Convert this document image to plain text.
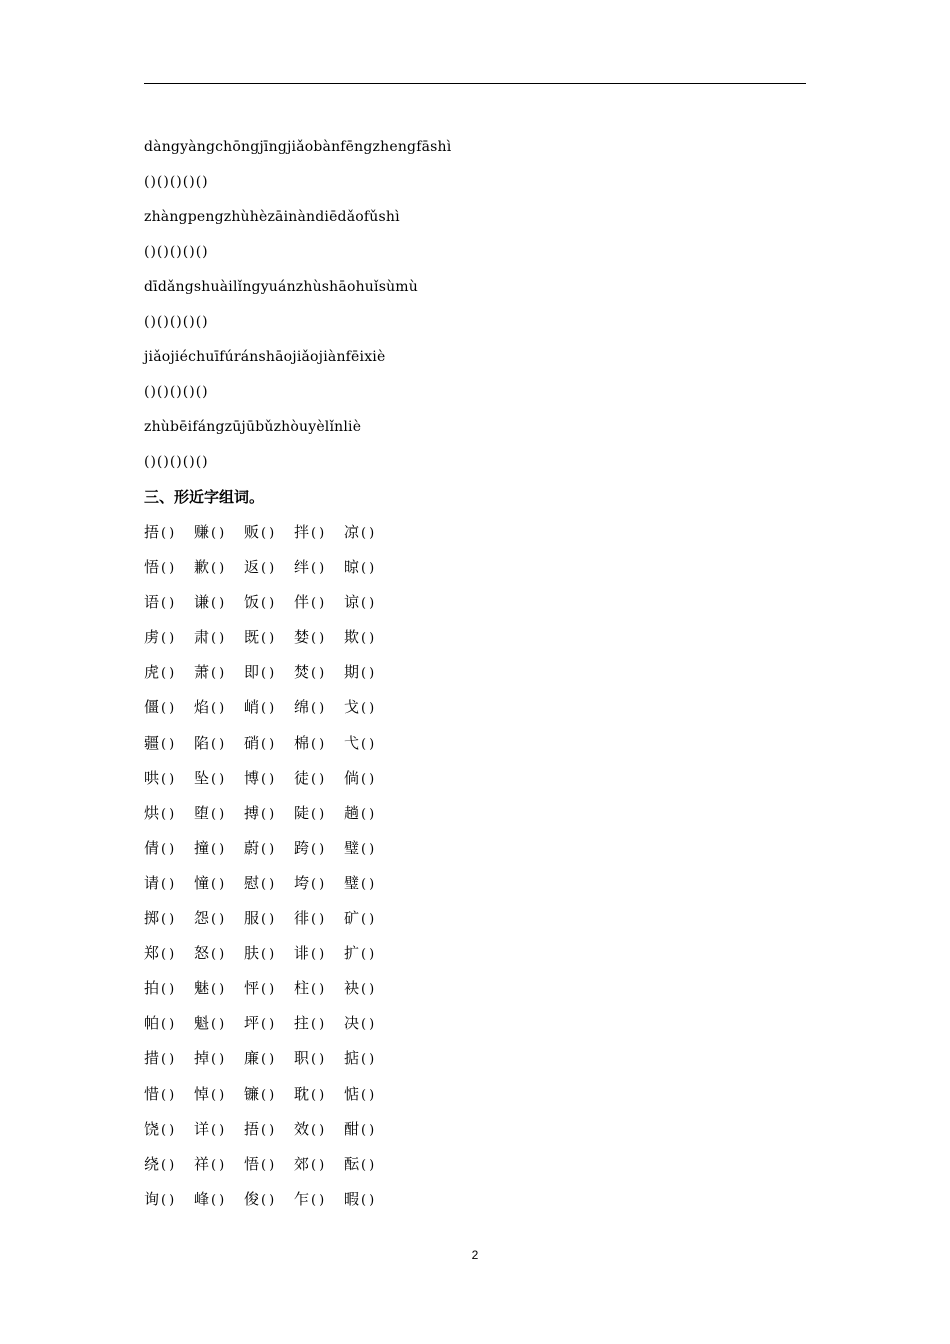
dàngyàngchōngjīngjiǎobànfēngzhengfāshì
()()()()()
zhàngpengzhùhèzāinàndiēdǎofǔshì
()()()()()
dīdǎngshuàilǐngyuánzhùshāohuǐsùmù
()()()()()
jiǎojiéchuīfúránshāojiǎojiànfēixiè
()()()()()
zhùbēifángzūjūbǔzhòuyèlǐnliè
()()()()()
三、形近字组词。
捂 () 赚 () 贩 () 拌 () 凉 ()
悟 () 歉 () 返 () 绊 () 晾 ()
语 () 谦 () 饭 () 伴 () 谅 ()
虏 () 肃 () 既 () 婪 () 欺 ()
虎 () 萧 () 即 () 焚 () 期 ()
僵 () 焰 () 峭 () 绵 () 戈 ()
疆 () 陷 () 硝 () 棉 () 弋 ()
哄 () 坠 () 博 () 徒 () 倘 ()
烘 () 堕 () 搏 () 陡 () 趟 ()
倩 () 撞 () 蔚 () 跨 () 璧 ()
请 () 憧 () 慰 () 垮 () 璧 ()
掷 () 怨 () 服 () 徘 () 矿 ()
郑 () 怒 () 肤 () 诽 () 扩 ()
拍 () 魅 () 怦 () 柱 () 袂 ()
帕 () 魁 () 坪 () 拄 () 决 ()
措 () 掉 () 廉 () 职 () 掂 ()
惜 () 悼 () 镰 () 耽 () 惦 ()
饶 () 详 () 捂 () 效 () 酣 ()
绕 () 祥 () 悟 () 郊 () 酝 ()
询 () 峰 () 俊 () 乍 () 暇 ()
2
